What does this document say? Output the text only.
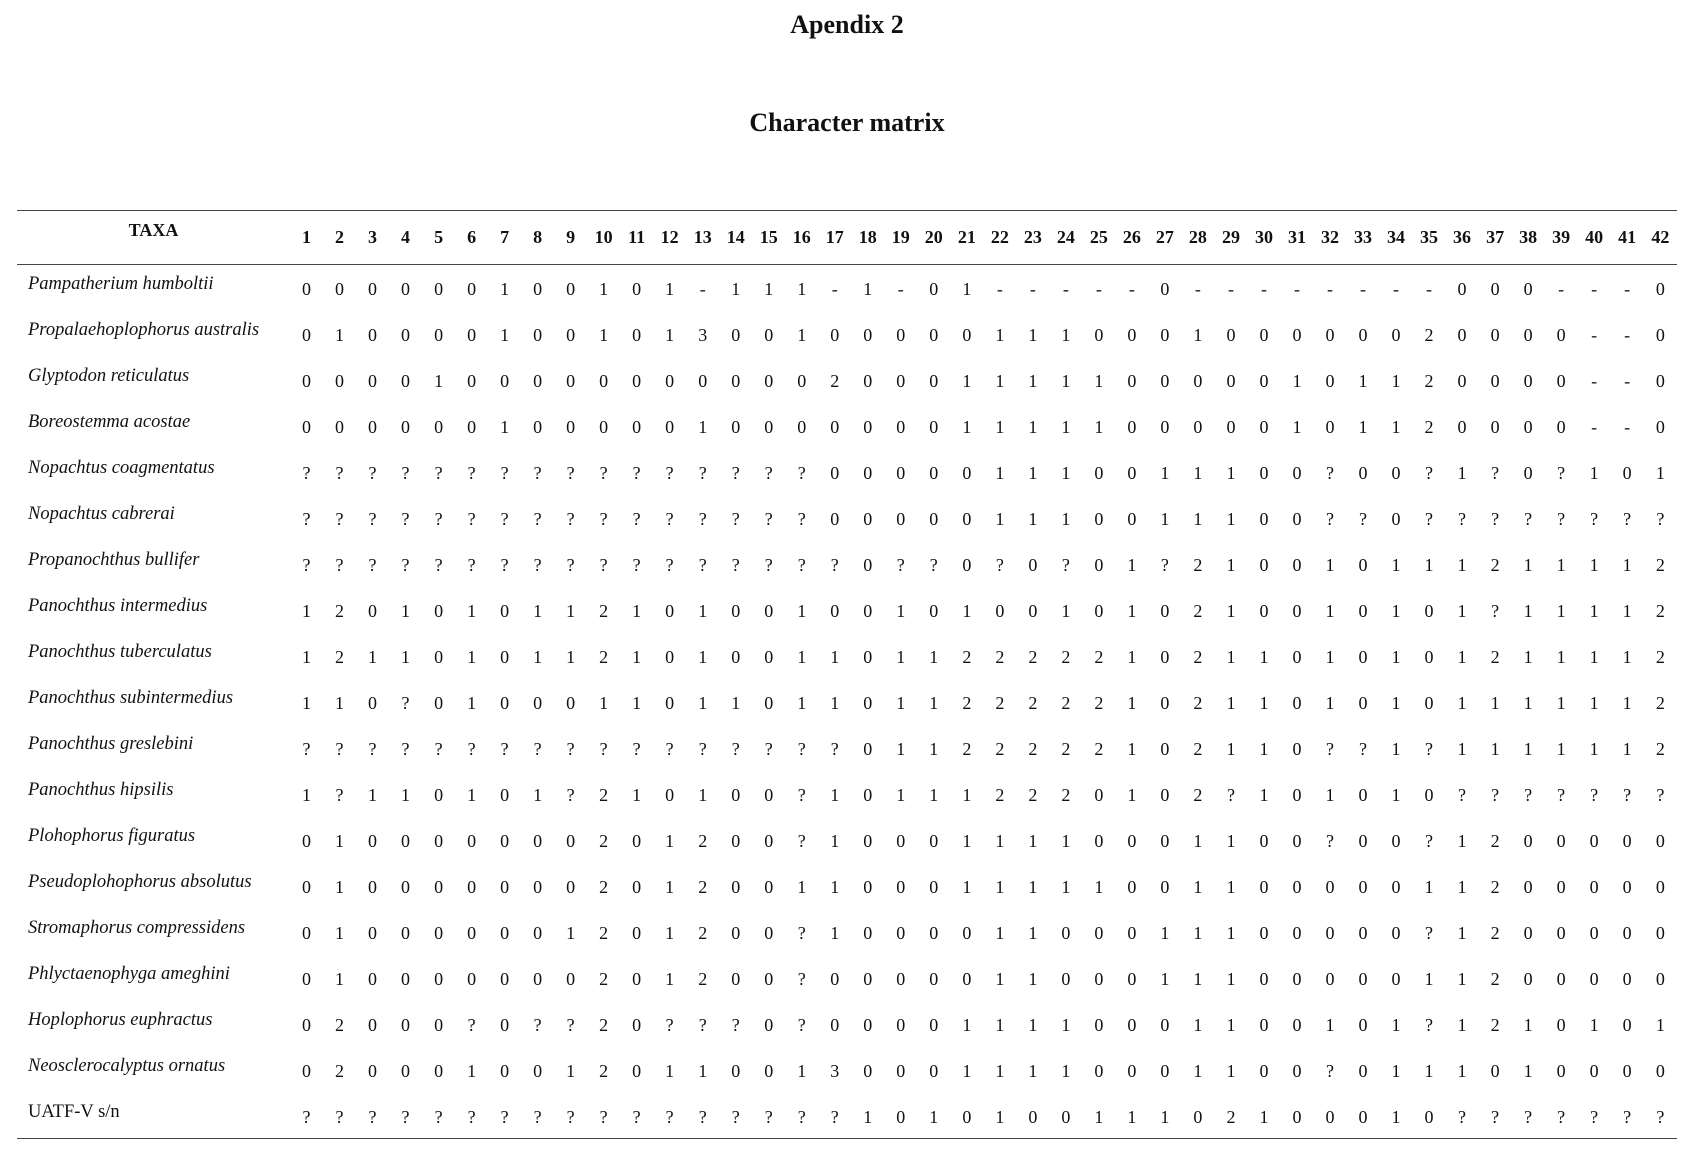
Apendix 2
Character matrix
TAXA	1	2	3	4	5	6	7	8	9	10	11	12	13	14	15	16	17	18	19	20	21	22	23	24	25	26	27	28	29	30	31	32	33	34	35	36	37	38	39	40	41	42
Pampatherium humboltii	0	0	0	0	0	0	1	0	0	1	0	1	-	1	1	1	-	1	-	0	1	-	-	-	-	-	0	-	-	-	-	-	-	-	-	0	0	0	-	-	-	0
Propalaehoplophorus australis	0	1	0	0	0	0	1	0	0	1	0	1	3	0	0	1	0	0	0	0	0	1	1	1	0	0	0	1	0	0	0	0	0	0	2	0	0	0	0	-	-	0
Glyptodon reticulatus	0	0	0	0	1	0	0	0	0	0	0	0	0	0	0	0	2	0	0	0	1	1	1	1	1	0	0	0	0	0	1	0	1	1	2	0	0	0	0	-	-	0
Boreostemma acostae	0	0	0	0	0	0	1	0	0	0	0	0	1	0	0	0	0	0	0	0	1	1	1	1	1	0	0	0	0	0	1	0	1	1	2	0	0	0	0	-	-	0
Nopachtus coagmentatus	?	?	?	?	?	?	?	?	?	?	?	?	?	?	?	?	0	0	0	0	0	1	1	1	0	0	1	1	1	0	0	?	0	0	?	1	?	0	?	1	0	1
Nopachtus cabrerai	?	?	?	?	?	?	?	?	?	?	?	?	?	?	?	?	0	0	0	0	0	1	1	1	0	0	1	1	1	0	0	?	?	0	?	?	?	?	?	?	?	?
Propanochthus bullifer	?	?	?	?	?	?	?	?	?	?	?	?	?	?	?	?	?	0	?	?	0	?	0	?	0	1	?	2	1	0	0	1	0	1	1	1	2	1	1	1	1	2
Panochthus intermedius	1	2	0	1	0	1	0	1	1	2	1	0	1	0	0	1	0	0	1	0	1	0	0	1	0	1	0	2	1	0	0	1	0	1	0	1	?	1	1	1	1	2
Panochthus tuberculatus	1	2	1	1	0	1	0	1	1	2	1	0	1	0	0	1	1	0	1	1	2	2	2	2	2	1	0	2	1	1	0	1	0	1	0	1	2	1	1	1	1	2
Panochthus subintermedius	1	1	0	?	0	1	0	0	0	1	1	0	1	1	0	1	1	0	1	1	2	2	2	2	2	1	0	2	1	1	0	1	0	1	0	1	1	1	1	1	1	2
Panochthus greslebini	?	?	?	?	?	?	?	?	?	?	?	?	?	?	?	?	?	0	1	1	2	2	2	2	2	1	0	2	1	1	0	?	?	1	?	1	1	1	1	1	1	2
Panochthus hipsilis	1	?	1	1	0	1	0	1	?	2	1	0	1	0	0	?	1	0	1	1	1	2	2	2	0	1	0	2	?	1	0	1	0	1	0	?	?	?	?	?	?	?
Plohophorus figuratus	0	1	0	0	0	0	0	0	0	2	0	1	2	0	0	?	1	0	0	0	1	1	1	1	0	0	0	1	1	0	0	?	0	0	?	1	2	0	0	0	0	0
Pseudoplohophorus absolutus	0	1	0	0	0	0	0	0	0	2	0	1	2	0	0	1	1	0	0	0	1	1	1	1	1	0	0	1	1	0	0	0	0	0	1	1	2	0	0	0	0	0
Stromaphorus compressidens	0	1	0	0	0	0	0	0	1	2	0	1	2	0	0	?	1	0	0	0	0	1	1	0	0	0	1	1	1	0	0	0	0	0	?	1	2	0	0	0	0	0
Phlyctaenophyga ameghini	0	1	0	0	0	0	0	0	0	2	0	1	2	0	0	?	0	0	0	0	0	1	1	0	0	0	1	1	1	0	0	0	0	0	1	1	2	0	0	0	0	0
Hoplophorus euphractus	0	2	0	0	0	?	0	?	?	2	0	?	?	?	0	?	0	0	0	0	1	1	1	1	0	0	0	1	1	0	0	1	0	1	?	1	2	1	0	1	0	1
Neosclerocalyptus ornatus	0	2	0	0	0	1	0	0	1	2	0	1	1	0	0	1	3	0	0	0	1	1	1	1	0	0	0	1	1	0	0	?	0	1	1	1	0	1	0	0	0	0
UATF-V s/n	?	?	?	?	?	?	?	?	?	?	?	?	?	?	?	?	?	1	0	1	0	1	0	0	1	1	1	0	2	1	0	0	0	1	0	?	?	?	?	?	?	?
